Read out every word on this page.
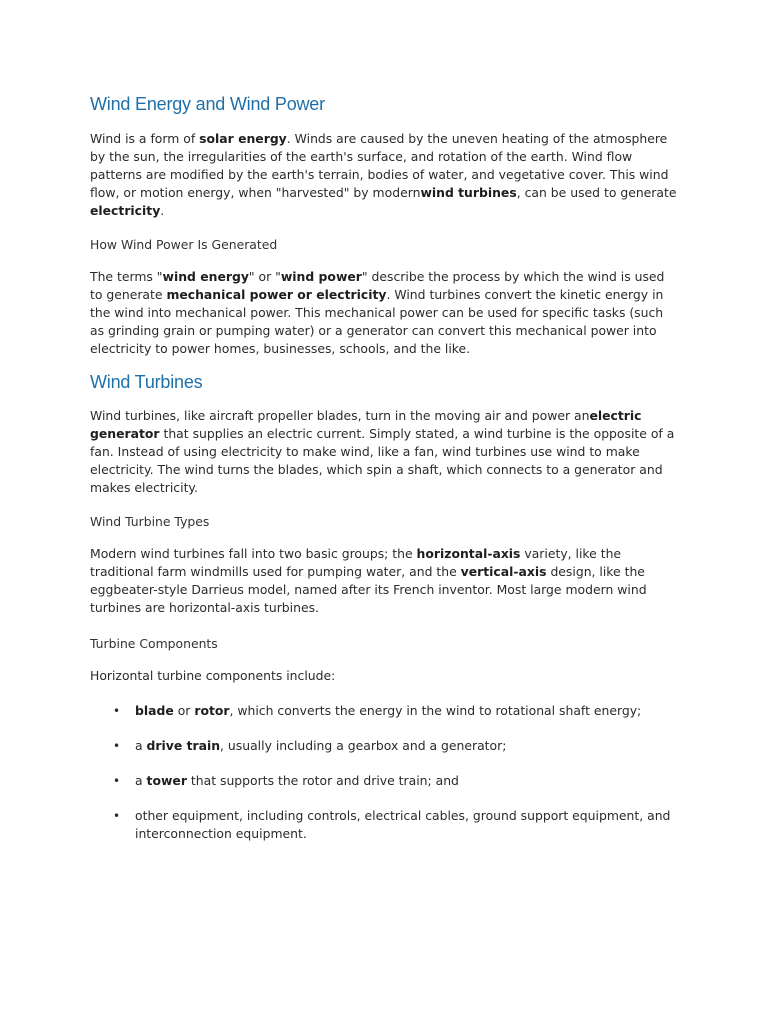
Wind Energy and Wind Power

Wind is a form of solar energy. Winds are caused by the uneven heating of the atmosphere by the sun, the irregularities of the earth's surface, and rotation of the earth. Wind flow patterns are modified by the earth's terrain, bodies of water, and vegetative cover. This wind flow, or motion energy, when "harvested" by modernwind turbines, can be used to generate electricity.

How Wind Power Is Generated

The terms "wind energy" or "wind power" describe the process by which the wind is used to generate mechanical power or electricity. Wind turbines convert the kinetic energy in the wind into mechanical power. This mechanical power can be used for specific tasks (such as grinding grain or pumping water) or a generator can convert this mechanical power into electricity to power homes, businesses, schools, and the like.

Wind Turbines

Wind turbines, like aircraft propeller blades, turn in the moving air and power anelectric generator that supplies an electric current. Simply stated, a wind turbine is the opposite of a fan. Instead of using electricity to make wind, like a fan, wind turbines use wind to make electricity. The wind turns the blades, which spin a shaft, which connects to a generator and makes electricity.

Wind Turbine Types

Modern wind turbines fall into two basic groups; the horizontal-axis variety, like the traditional farm windmills used for pumping water, and the vertical-axis design, like the eggbeater-style Darrieus model, named after its French inventor. Most large modern wind turbines are horizontal-axis turbines.

Turbine Components

Horizontal turbine components include:

• blade or rotor, which converts the energy in the wind to rotational shaft energy;
• a drive train, usually including a gearbox and a generator;
• a tower that supports the rotor and drive train; and
• other equipment, including controls, electrical cables, ground support equipment, and interconnection equipment.
